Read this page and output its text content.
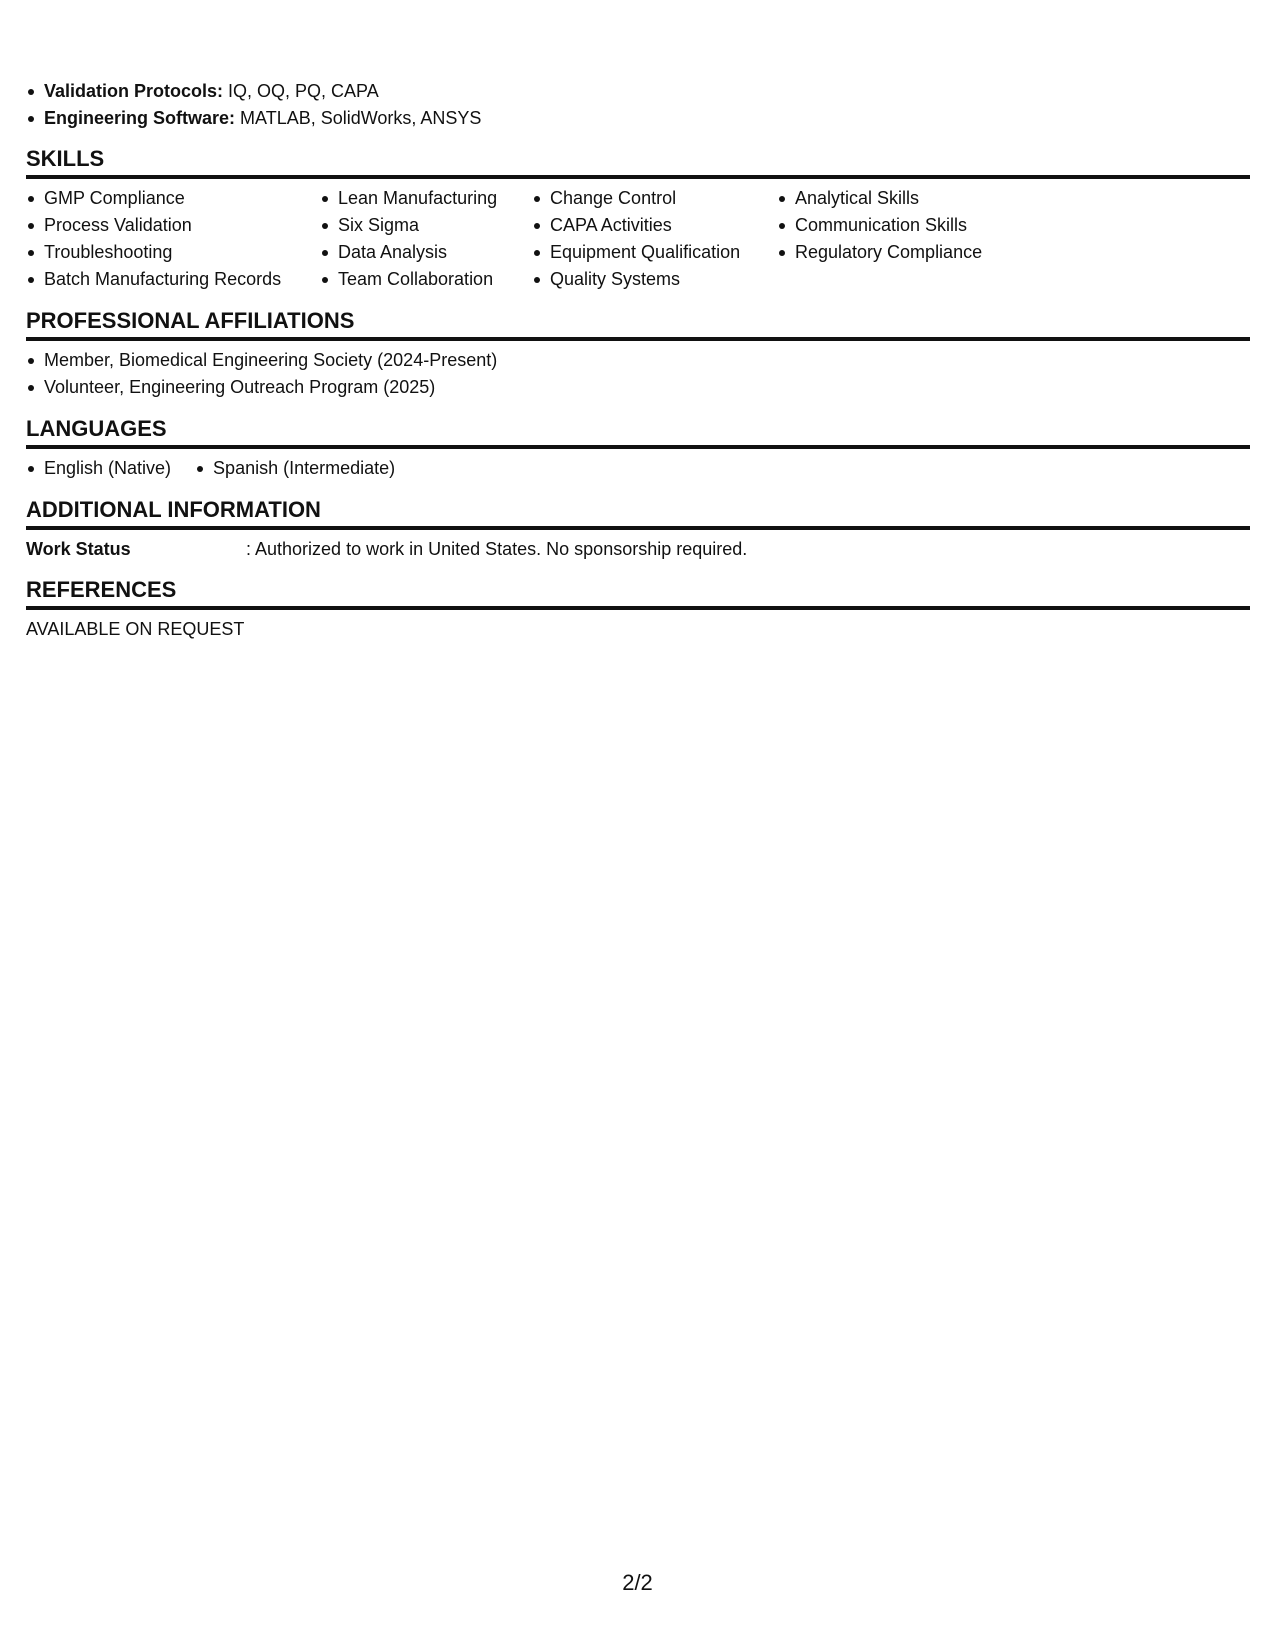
Validation Protocols: IQ, OQ, PQ, CAPA
Engineering Software: MATLAB, SolidWorks, ANSYS
SKILLS
GMP Compliance
Process Validation
Troubleshooting
Batch Manufacturing Records
Lean Manufacturing
Six Sigma
Data Analysis
Team Collaboration
Change Control
CAPA Activities
Equipment Qualification
Quality Systems
Analytical Skills
Communication Skills
Regulatory Compliance
PROFESSIONAL AFFILIATIONS
Member, Biomedical Engineering Society (2024-Present)
Volunteer, Engineering Outreach Program (2025)
LANGUAGES
English (Native)	Spanish (Intermediate)
ADDITIONAL INFORMATION
Work Status	: Authorized to work in United States. No sponsorship required.
REFERENCES
AVAILABLE ON REQUEST
2/2
